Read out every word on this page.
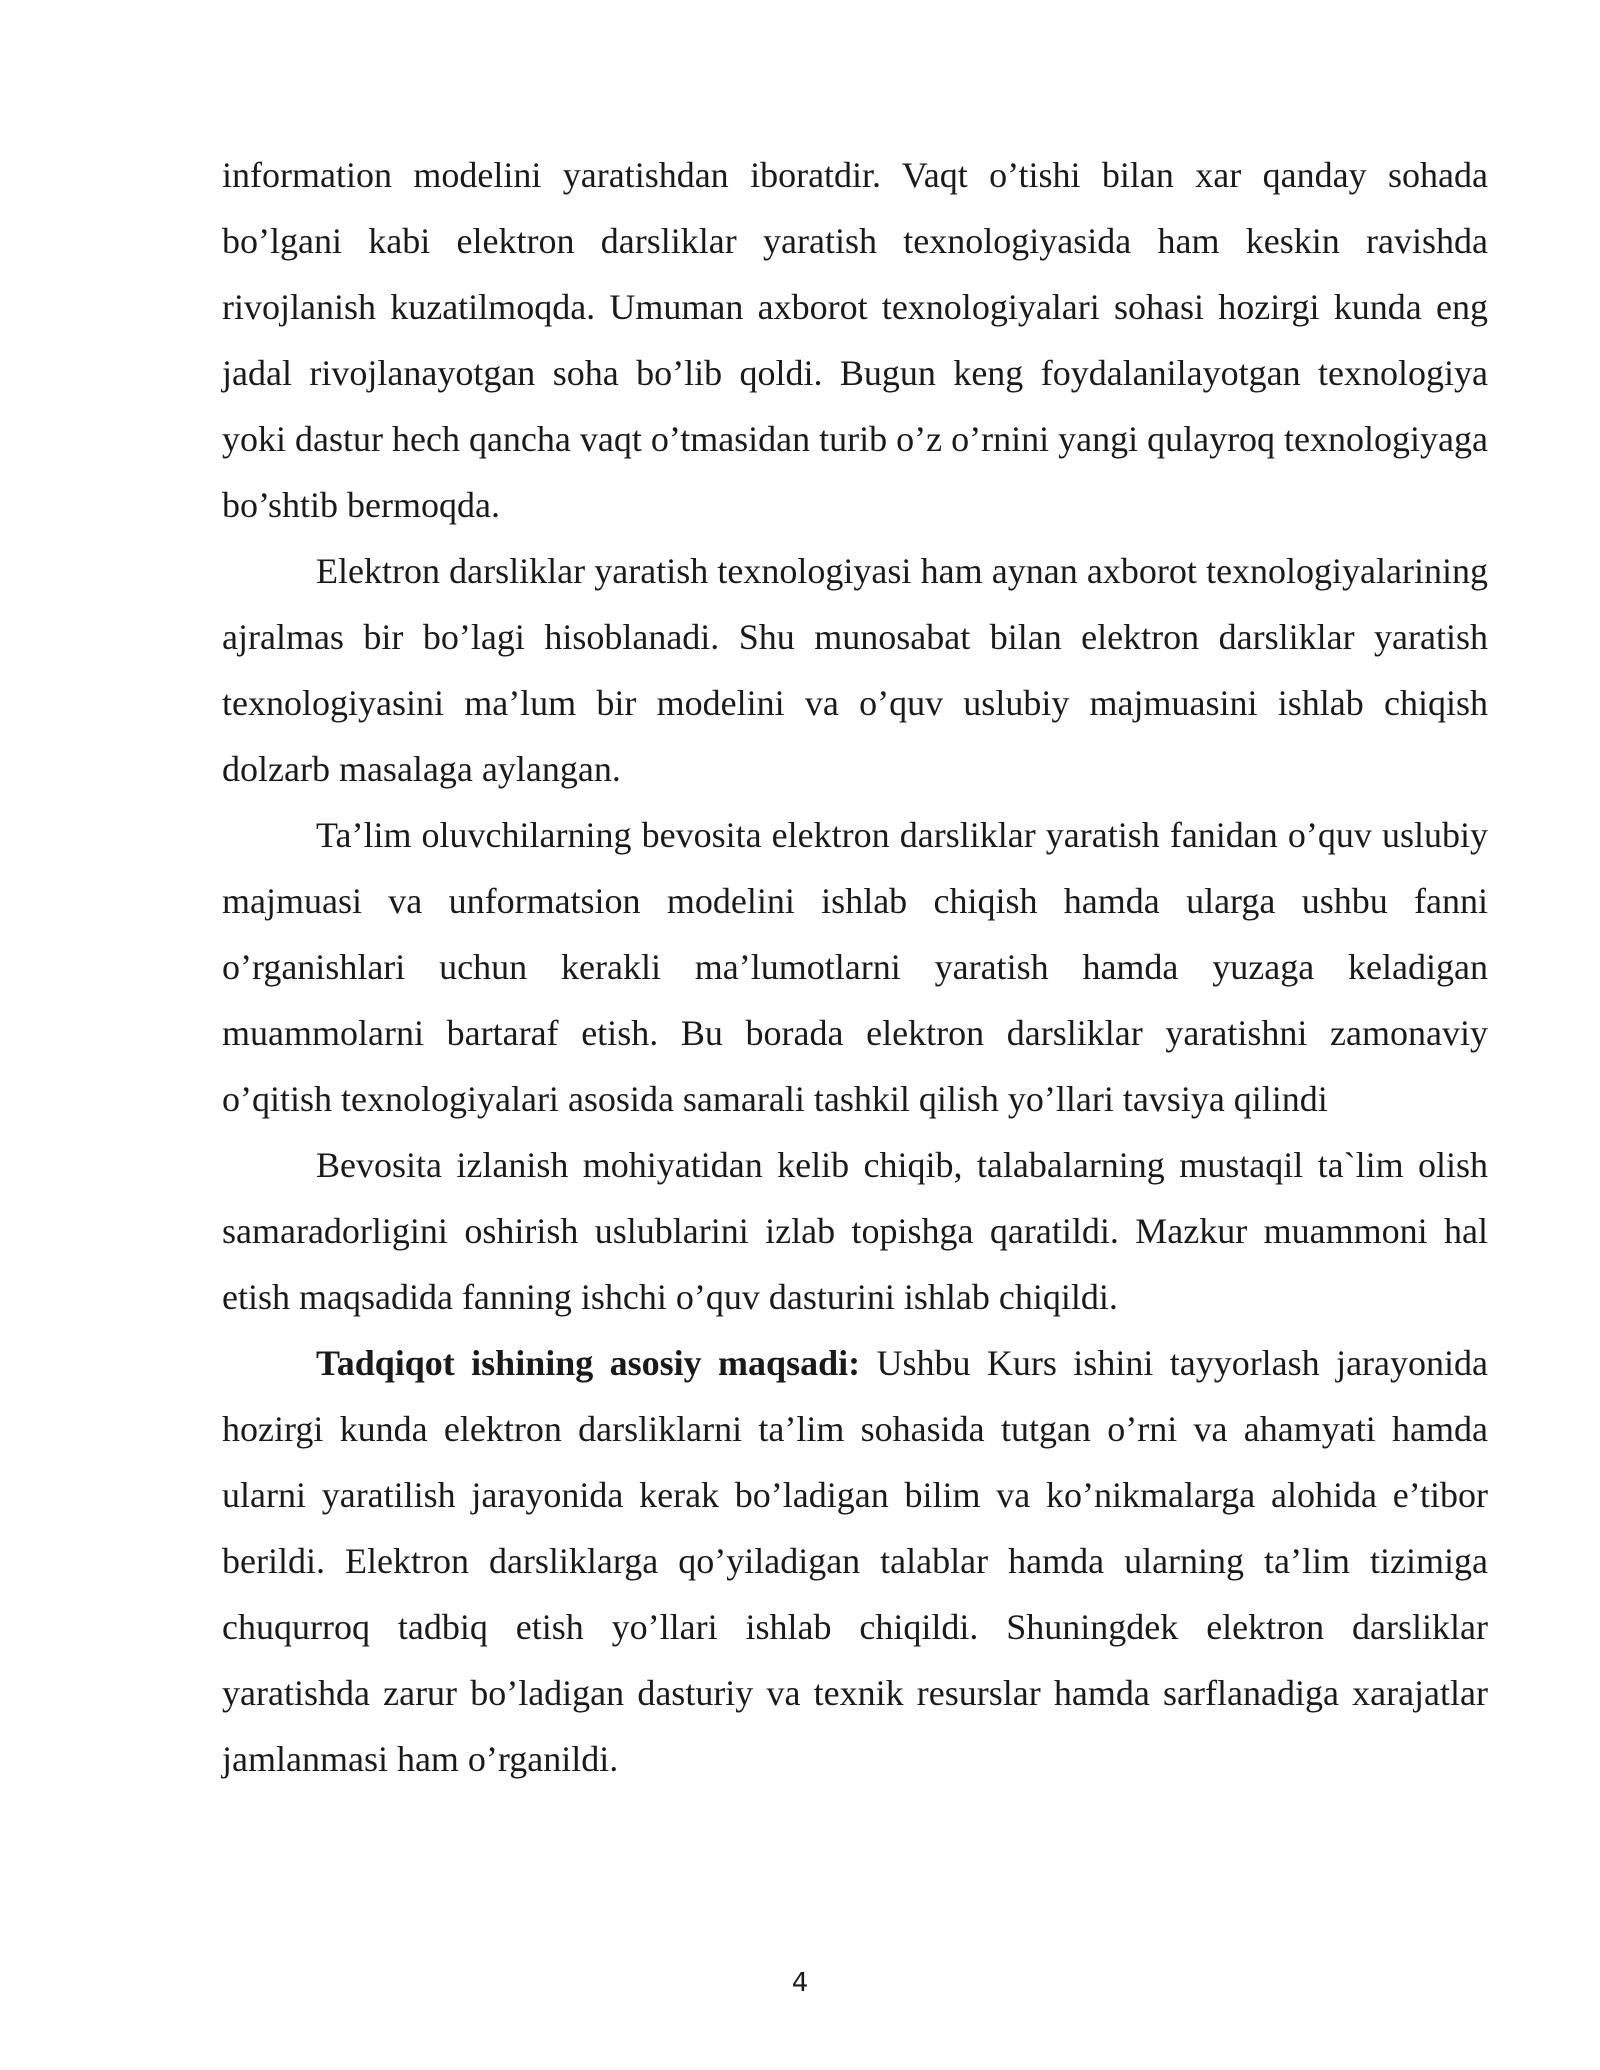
information modelini yaratishdan iboratdir. Vaqt o’tishi bilan xar qanday sohada bo’lgani kabi elektron darsliklar yaratish texnologiyasida ham keskin ravishda rivojlanish kuzatilmoqda. Umuman axborot texnologiyalari sohasi hozirgi kunda eng jadal rivojlanayotgan soha bo’lib qoldi. Bugun keng foydalanilayotgan texnologiya yoki dastur hech qancha vaqt o’tmasidan turib o’z o’rnini yangi qulayroq texnologiyaga bo’shtib bermoqda.

Elektron darsliklar yaratish texnologiyasi ham aynan axborot texnologiyalarining ajralmas bir bo’lagi hisoblanadi. Shu munosabat bilan elektron darsliklar yaratish texnologiyasini ma’lum bir modelini va o’quv uslubiy majmuasini ishlab chiqish dolzarb masalaga aylangan.

Ta’lim oluvchilarning bevosita elektron darsliklar yaratish fanidan o’quv uslubiy majmuasi va unformatsion modelini ishlab chiqish hamda ularga ushbu fanni o’rganishlari uchun kerakli ma’lumotlarni yaratish hamda yuzaga keladigan muammolarni bartaraf etish. Bu borada elektron darsliklar yaratishni zamonaviy o’qitish texnologiyalari asosida samarali tashkil qilish yo’llari tavsiya qilindi

Bevosita izlanish mohiyatidan kelib chiqib, talabalarning mustaqil ta`lim olish samaradorligini oshirish uslublarini izlab topishga qaratildi. Mazkur muammoni hal etish maqsadida fanning ishchi o’quv dasturini ishlab chiqildi.

Tadqiqot ishining asosiy maqsadi: Ushbu Kurs ishini tayyorlash jarayonida hozirgi kunda elektron darsliklarni ta’lim sohasida tutgan o’rni va ahamyati hamda ularni yaratilish jarayonida kerak bo’ladigan bilim va ko’nikmalarga alohida e’tibor berildi. Elektron darsliklarga qo’yiladigan talablar hamda ularning ta’lim tizimiga chuqurroq tadbiq etish yo’llari ishlab chiqildi. Shuningdek elektron darsliklar yaratishda zarur bo’ladigan dasturiy va texnik resurslar hamda sarflanadiga xarajatlar jamlanmasi ham o’rganildi.

4
